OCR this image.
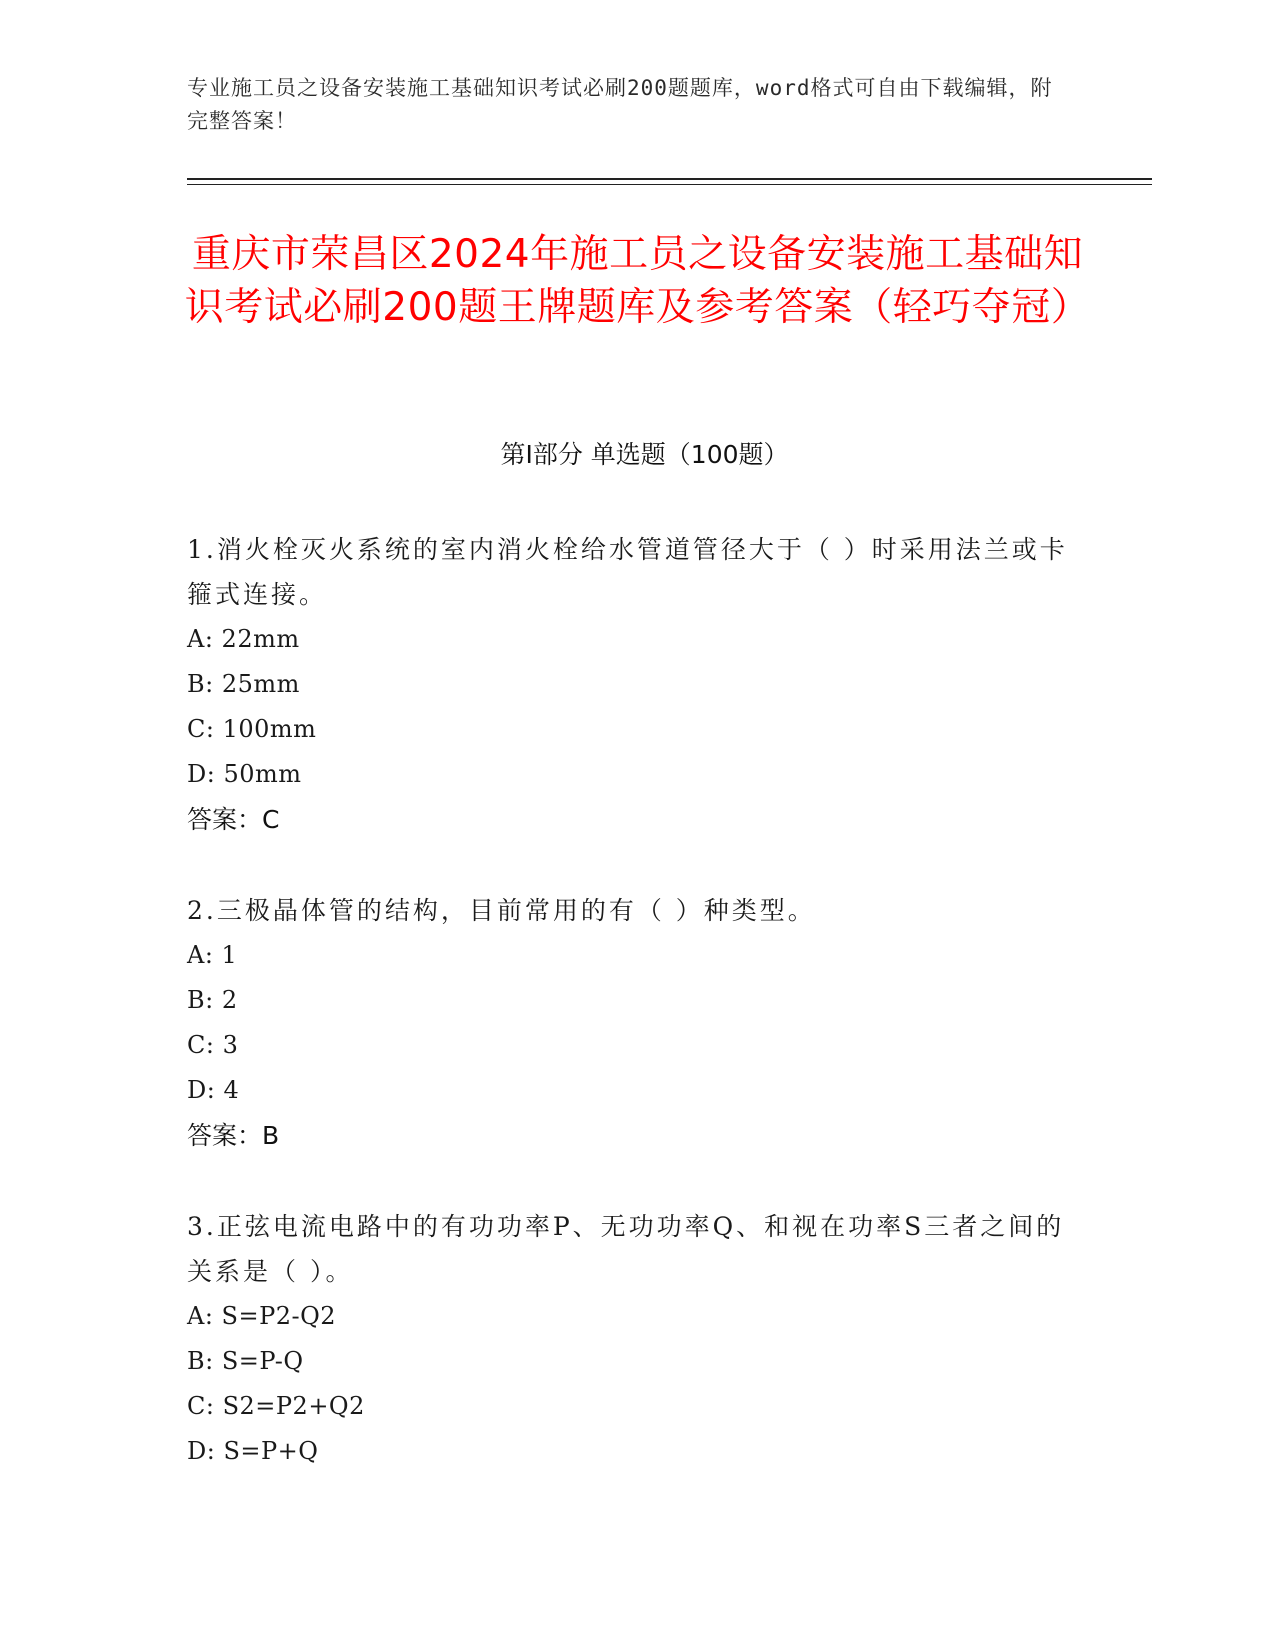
专业施工员之设备安装施工基础知识考试必刷200题题库，word格式可自由下载编辑，附完整答案！
重庆市荣昌区2024年施工员之设备安装施工基础知识考试必刷200题王牌题库及参考答案（轻巧夺冠）
第Ⅰ部分 单选题（100题）
1.消火栓灭火系统的室内消火栓给水管道管径大于（ ）时采用法兰或卡箍式连接。
A: 22mm
B: 25mm
C: 100mm
D: 50mm
答案：C
2.三极晶体管的结构，目前常用的有（ ）种类型。
A: 1
B: 2
C: 3
D: 4
答案：B
3.正弦电流电路中的有功功率P、无功功率Q、和视在功率S三者之间的关系是（ ）。
A: S=P2-Q2
B: S=P-Q
C: S2=P2+Q2
D: S=P+Q
